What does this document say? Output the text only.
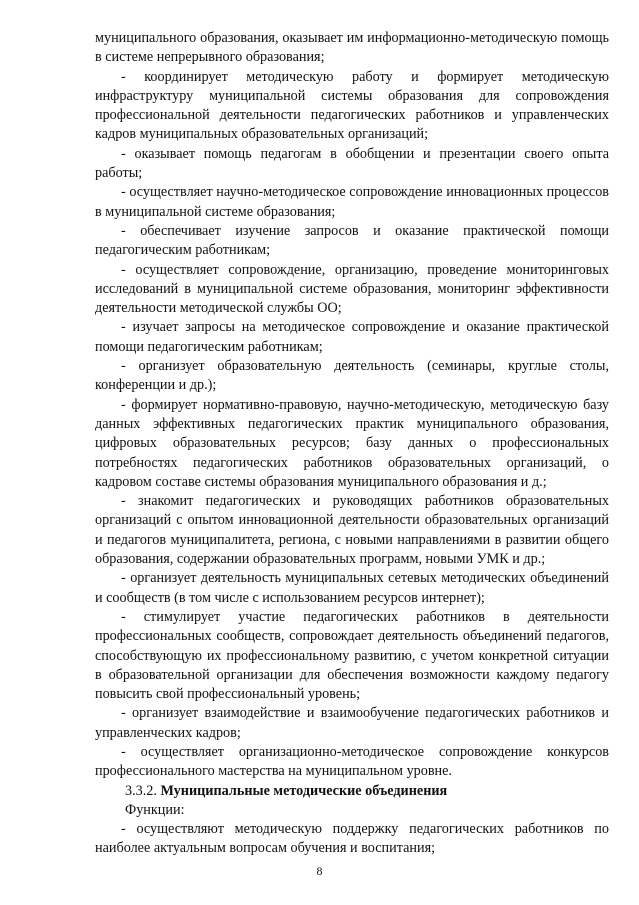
муниципального образования, оказывает им информационно-методическую помощь в системе непрерывного образования;

- координирует методическую работу и формирует методическую инфраструктуру муниципальной системы образования для сопровождения профессиональной деятельности педагогических работников и управленческих кадров муниципальных образовательных организаций;

- оказывает помощь педагогам в обобщении и презентации своего опыта работы;

- осуществляет научно-методическое сопровождение инновационных процессов в муниципальной системе образования;

- обеспечивает изучение запросов и оказание практической помощи педагогическим работникам;

- осуществляет сопровождение, организацию, проведение мониторинговых исследований в муниципальной системе образования, мониторинг эффективности деятельности методической службы ОО;

- изучает запросы на методическое сопровождение и оказание практической помощи педагогическим работникам;

- организует образовательную деятельность (семинары, круглые столы, конференции и др.);

- формирует нормативно-правовую, научно-методическую, методическую базу данных эффективных педагогических практик муниципального образования, цифровых образовательных ресурсов; базу данных о профессиональных потребностях педагогических работников образовательных организаций, о кадровом составе системы образования муниципального образования и д.;

- знакомит педагогических и руководящих работников образовательных организаций с опытом инновационной деятельности образовательных организаций и педагогов муниципалитета, региона, с новыми направлениями в развитии общего образования, содержании образовательных программ, новыми УМК и др.;

- организует деятельность муниципальных сетевых методических объединений и сообществ (в том числе с использованием ресурсов интернет);

- стимулирует участие педагогических работников в деятельности профессиональных сообществ, сопровождает деятельность объединений педагогов, способствующую их профессиональному развитию, с учетом конкретной ситуации в образовательной организации для обеспечения возможности каждому педагогу повысить свой профессиональный уровень;

- организует взаимодействие и взаимообучение педагогических работников и управленческих кадров;

- осуществляет организационно-методическое сопровождение конкурсов профессионального мастерства на муниципальном уровне.

3.3.2. Муниципальные методические объединения

Функции:

- осуществляют методическую поддержку педагогических работников по наиболее актуальным вопросам обучения и воспитания;

8
